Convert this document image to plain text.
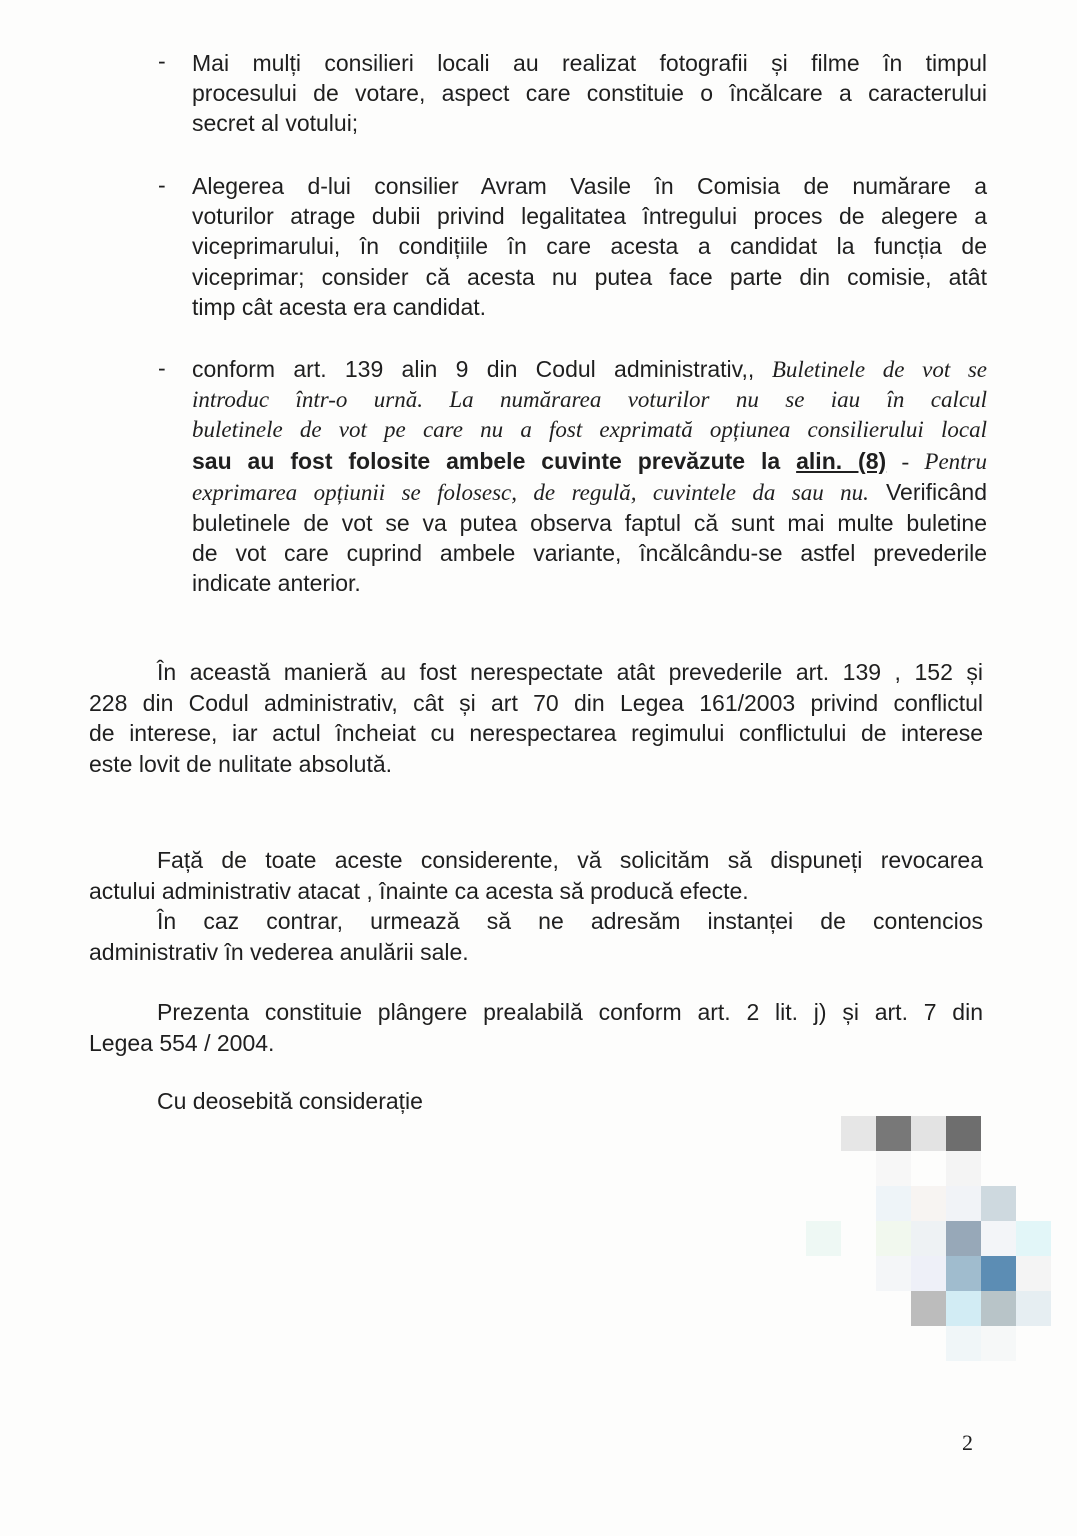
- Mai mulți consilieri locali au realizat fotografii și filme în timpul
procesului de votare, aspect care constituie o încălcare a caracterului
secret al votului;
- Alegerea d-lui consilier Avram Vasile în Comisia de numărare a
voturilor atrage dubii privind legalitatea întregului proces de alegere a
viceprimarului, în condițiile în care acesta a candidat la funcția de
viceprimar; consider că acesta nu putea face parte din comisie, atât
timp cât acesta era candidat.
- conform art. 139 alin 9 din Codul administrativ,, Buletinele de vot se
introduc într-o urnă. La numărarea voturilor nu se iau în calcul
buletinele de vot pe care nu a fost exprimată opțiunea consilierului local
sau au fost folosite ambele cuvinte prevăzute la alin. (8) - Pentru
exprimarea opțiunii se folosesc, de regulă, cuvintele da sau nu. Verificând
buletinele de vot se va putea observa faptul că sunt mai multe buletine
de vot care cuprind ambele variante, încălcându-se astfel prevederile
indicate anterior.
În această manieră au fost nerespectate atât prevederile art. 139 , 152 și
228 din Codul administrativ, cât și art 70 din Legea 161/2003 privind conflictul
de interese, iar actul încheiat cu nerespectarea regimului conflictului de interese
este lovit de nulitate absolută.
Față de toate aceste considerente, vă solicităm să dispuneți revocarea
actului administrativ atacat , înainte ca acesta să producă efecte.
În caz contrar, urmează să ne adresăm instanței de contencios
administrativ în vederea anulării sale.
Prezenta constituie plângere prealabilă conform art. 2 lit. j) și art. 7 din
Legea 554 / 2004.
Cu deosebită considerație
2
